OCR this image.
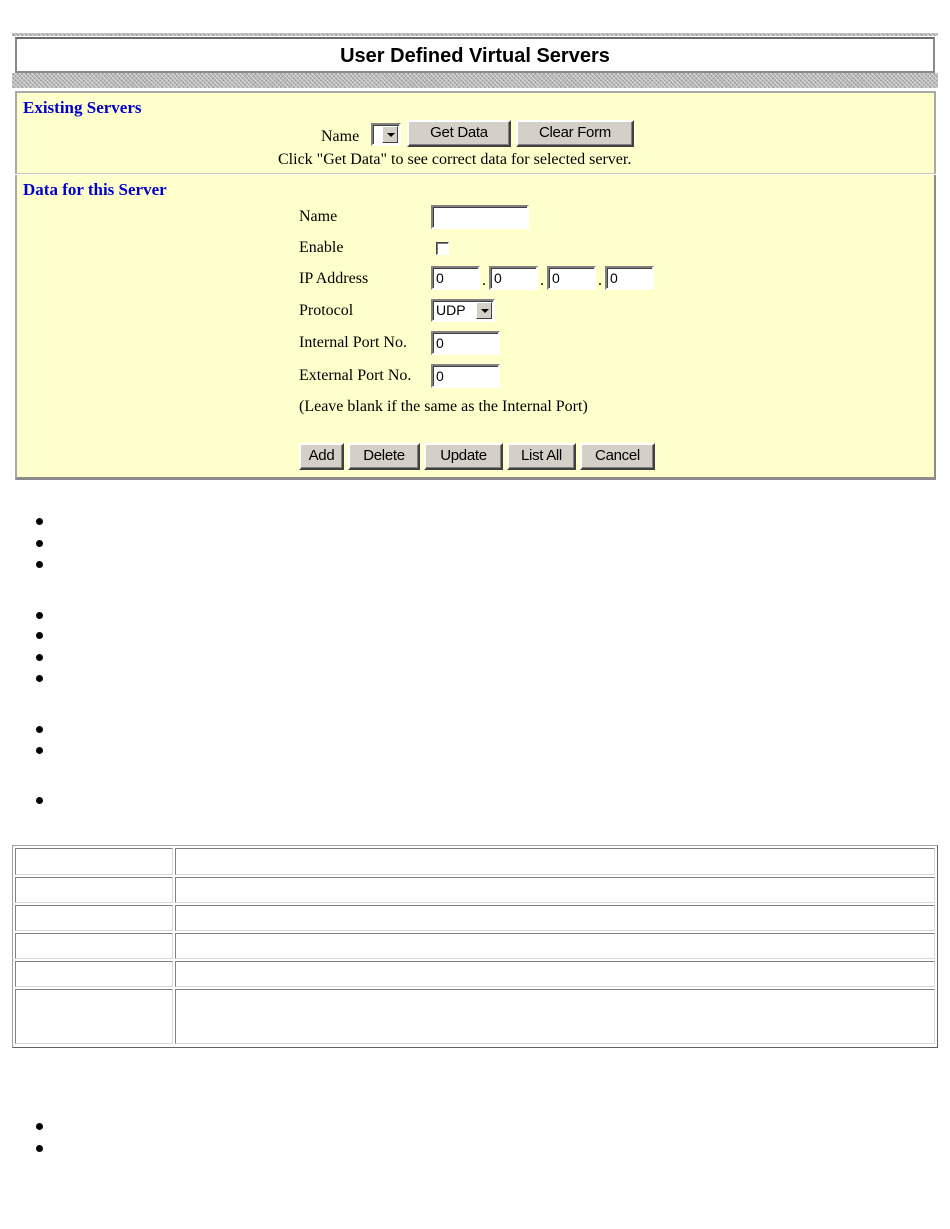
User Defined Virtual Servers
Existing Servers
Name	Get Data	Clear Form
Click "Get Data" to see correct data for selected server.
Data for this Server
Name
Enable
IP Address	0	. 0	. 0	. 0
Protocol	UDP
Internal Port No.	0
External Port No.	0
(Leave blank if the same as the Internal Port)
Add	Delete	Update	List All	Cancel
